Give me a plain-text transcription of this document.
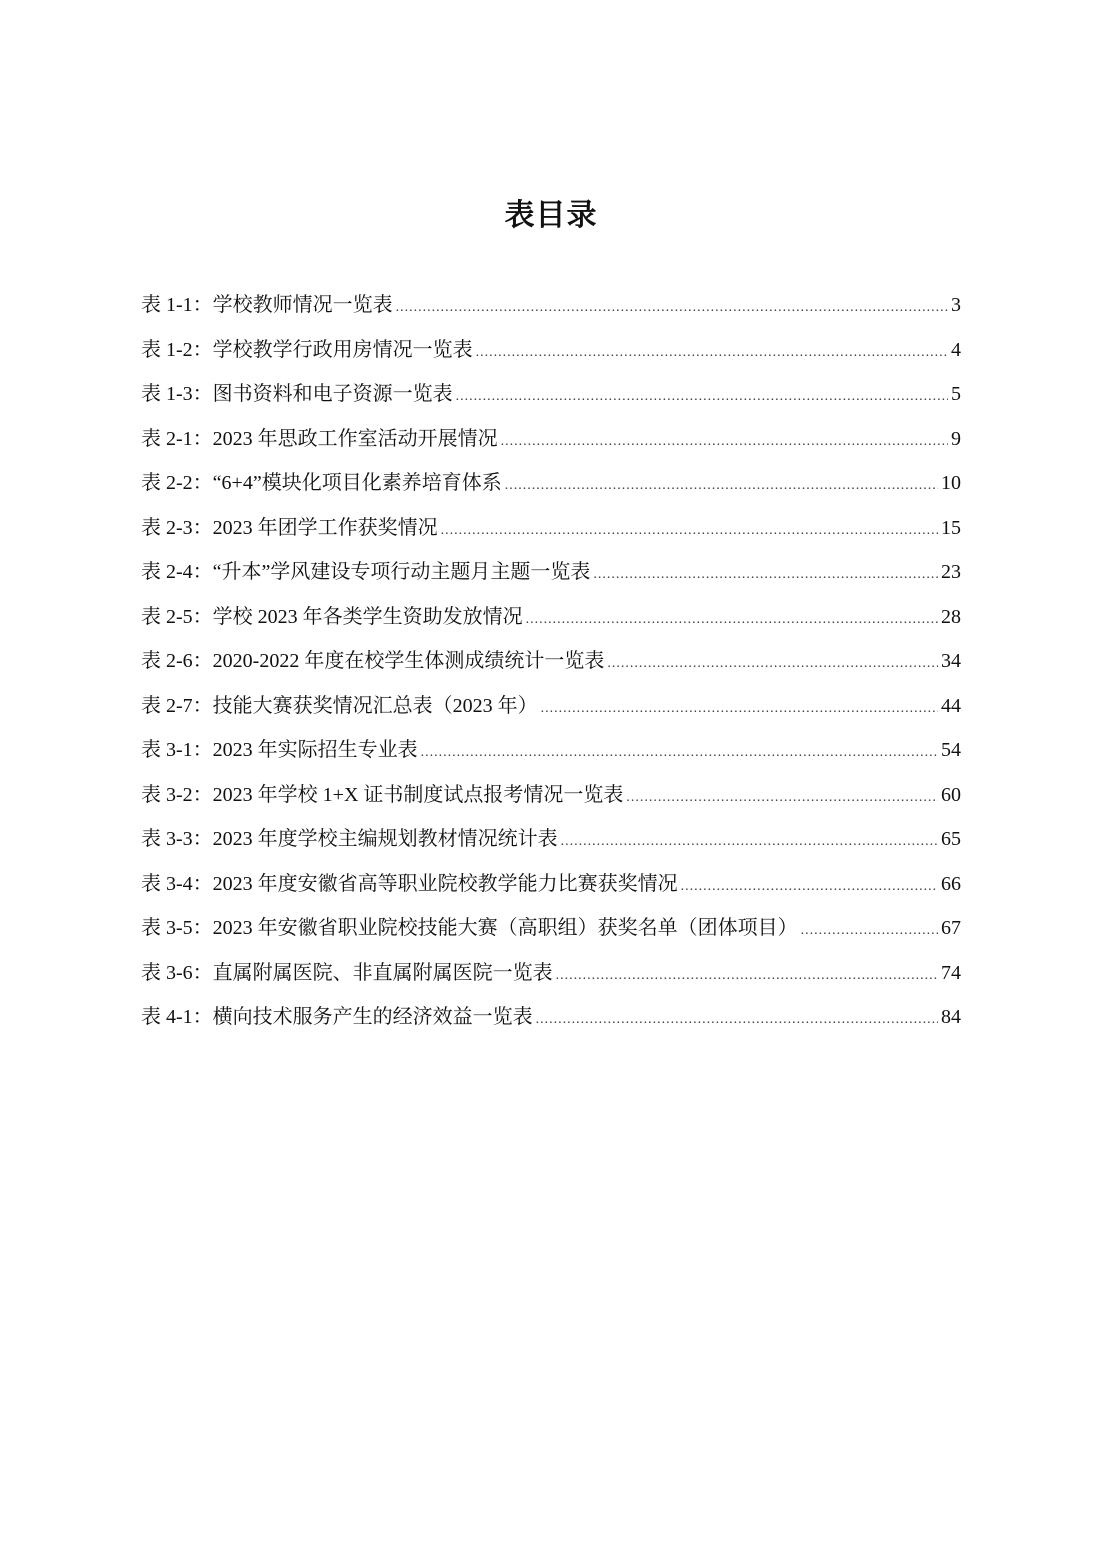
表目录
表 1-1：学校教师情况一览表 .....	3
表 1-2：学校教学行政用房情况一览表 .....	4
表 1-3：图书资料和电子资源一览表 .....	5
表 2-1：2023 年思政工作室活动开展情况 .....	9
表 2-2：“6+4”模块化项目化素养培育体系 .....	10
表 2-3：2023 年团学工作获奖情况 .....	15
表 2-4：“升本”学风建设专项行动主题月主题一览表 .....	23
表 2-5：学校 2023 年各类学生资助发放情况 .....	28
表 2-6：2020-2022 年度在校学生体测成绩统计一览表 .....	34
表 2-7：技能大赛获奖情况汇总表（2023 年） .....	44
表 3-1：2023 年实际招生专业表 .....	54
表 3-2：2023 年学校 1+X 证书制度试点报考情况一览表 .....	60
表 3-3：2023 年度学校主编规划教材情况统计表 .....	65
表 3-4：2023 年度安徽省高等职业院校教学能力比赛获奖情况 .....	66
表 3-5：2023 年安徽省职业院校技能大赛（高职组）获奖名单（团体项目） .....	67
表 3-6：直属附属医院、非直属附属医院一览表 .....	74
表 4-1：横向技术服务产生的经济效益一览表 .....	84
